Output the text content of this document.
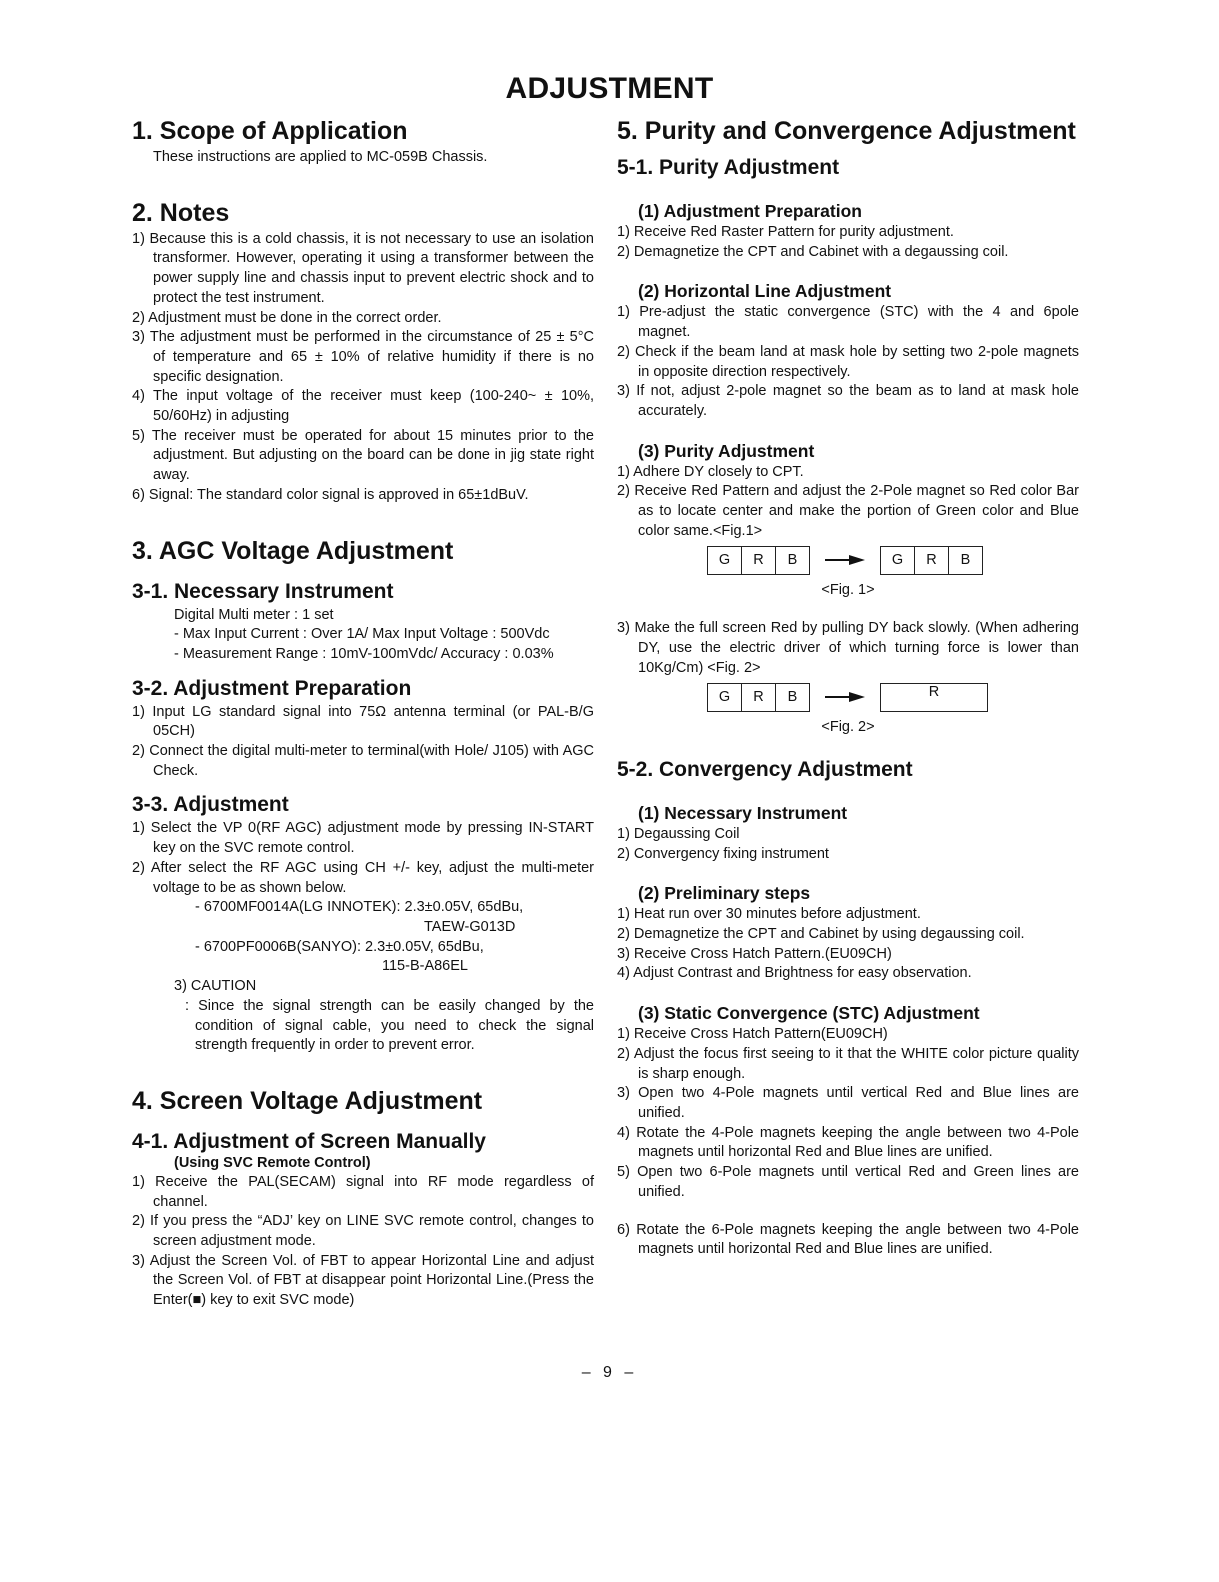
ADJUSTMENT
1. Scope of Application

These instructions are applied to MC-059B Chassis.

2. Notes
1) Because this is a cold chassis, it is not necessary to use an isolation transformer. However, operating it using a transformer between the power supply line and chassis input to prevent electric shock and to protect the test instrument.
2) Adjustment must be done in the correct order.
3) The adjustment must be performed in the circumstance of 25 ± 5°C of temperature and 65 ± 10% of relative humidity if there is no specific designation.
4) The input voltage of the receiver must keep (100-240~ ± 10%, 50/60Hz) in adjusting
5) The receiver must be operated for about 15 minutes prior to the adjustment. But adjusting on the board can be done in jig state right away.
6) Signal: The standard color signal is approved in 65±1dBuV.
3. AGC Voltage Adjustment
3-1. Necessary Instrument

Digital Multi meter : 1 set

- Max Input Current : Over 1A/ Max Input Voltage : 500Vdc

- Measurement Range : 10mV-100mVdc/ Accuracy : 0.03%

3-2. Adjustment Preparation
1) Input LG standard signal into 75Ω antenna terminal (or PAL-B/G 05CH)
2) Connect the digital multi-meter to terminal(with Hole/ J105) with AGC Check.
3-3. Adjustment
1) Select the VP 0(RF AGC) adjustment mode by pressing IN-START key on the SVC remote control.
2) After select the RF AGC using CH +/- key, adjust the multi-meter voltage to be as shown below.

- 6700MF0014A(LG INNOTEK): 2.3±0.05V, 65dBu,

TAEW-G013D

- 6700PF0006B(SANYO): 2.3±0.05V, 65dBu,

115-B-A86EL

3) CAUTION

: Since the signal strength can be easily changed by the condition of signal cable, you need to check the signal strength frequently in order to prevent error.

4. Screen Voltage Adjustment
4-1. Adjustment of Screen Manually

(Using SVC Remote Control)

1) Receive the PAL(SECAM) signal into RF mode regardless of channel.
2) If you press the “ADJ’ key on LINE SVC remote control, changes to screen adjustment mode.
3) Adjust the Screen Vol. of FBT to appear Horizontal Line and adjust the Screen Vol. of FBT at disappear point Horizontal Line.(Press the Enter(■) key to exit SVC mode)
5. Purity and Convergence Adjustment
5-1. Purity Adjustment
(1) Adjustment Preparation
1) Receive Red Raster Pattern for purity adjustment.
2) Demagnetize the CPT and Cabinet with a degaussing coil.
(2) Horizontal Line Adjustment
1) Pre-adjust the static convergence (STC) with the 4 and 6pole magnet.
2) Check if the beam land at mask hole by setting two 2-pole magnets in opposite direction respectively.
3) If not, adjust 2-pole magnet so the beam as to land at mask hole accurately.
(3) Purity Adjustment
1) Adhere DY closely to CPT.
2) Receive Red Pattern and adjust the 2-Pole magnet so Red color Bar as to locate center and make the portion of Green color and Blue color same.<Fig.1>
G	R	B	G	R	B

<Fig. 1>

3) Make the full screen Red by pulling DY back slowly. (When adhering DY, use the electric driver of which turning force is lower than 10Kg/Cm) <Fig. 2>
G	R	B	R

<Fig. 2>

5-2. Convergency Adjustment
(1) Necessary Instrument
1) Degaussing Coil
2) Convergency fixing instrument
(2) Preliminary steps
1) Heat run over 30 minutes before adjustment.
2) Demagnetize the CPT and Cabinet by using degaussing coil.
3) Receive Cross Hatch Pattern.(EU09CH)
4) Adjust Contrast and Brightness for easy observation.
(3) Static Convergence (STC) Adjustment
1) Receive Cross Hatch Pattern(EU09CH)
2) Adjust the focus first seeing to it that the WHITE color picture quality is sharp enough.
3) Open two 4-Pole magnets until vertical Red and Blue lines are unified.
4) Rotate the 4-Pole magnets keeping the angle between two 4-Pole magnets until horizontal Red and Blue lines are unified.
5) Open two 6-Pole magnets until vertical Red and Green lines are unified.
6) Rotate the 6-Pole magnets keeping the angle between two 4-Pole magnets until horizontal Red and Blue lines are unified.
– 9 –
